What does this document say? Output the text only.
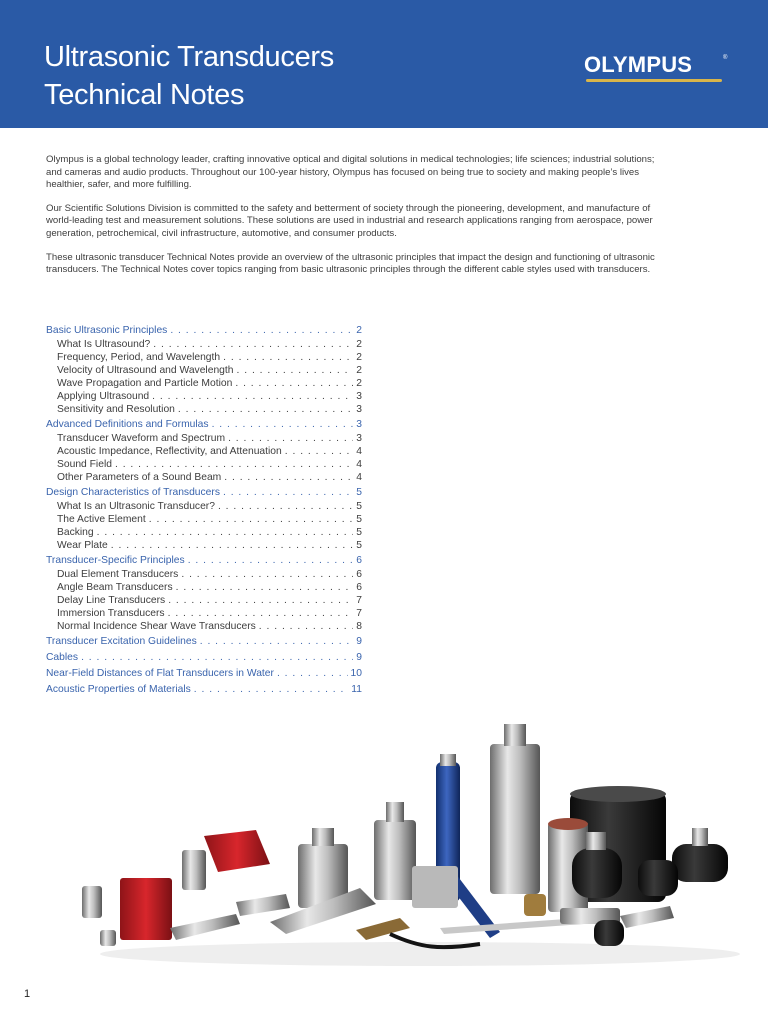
Ultrasonic Transducers
Technical Notes
OLYMPUS	®

Olympus is a global technology leader, crafting innovative optical and digital solutions in medical technologies; life sciences; industrial solutions; and cameras and audio products. Throughout our 100-year history, Olympus has focused on being true to society and making people’s lives healthier, safer, and more fulfilling.

Our Scientific Solutions Division is committed to the safety and betterment of society through the pioneering, development, and manufacture of world-leading test and measurement solutions. These solutions are used in industrial and research applications ranging from aerospace, power generation, petrochemical, civil infrastructure, automotive, and consumer products.

These ultrasonic transducer Technical Notes provide an overview of the ultrasonic principles that impact the design and functioning of ultrasonic transducers. The Technical Notes cover topics ranging from basic ultrasonic principles through the different cable styles used with transducers.

Basic Ultrasonic Principles . . .	2
What Is Ultrasound? . . .	2
Frequency, Period, and Wavelength . . .	2
Velocity of Ultrasound and Wavelength . . .	2
Wave Propagation and Particle Motion . . .	2
Applying Ultrasound . . .	3
Sensitivity and Resolution . . .	3
Advanced Definitions and Formulas . . .	3
Transducer Waveform and Spectrum . . .	3
Acoustic Impedance, Reflectivity, and Attenuation . . .	4
Sound Field . . .	4
Other Parameters of a Sound Beam . . .	4
Design Characteristics of Transducers . . .	5
What Is an Ultrasonic Transducer? . . .	5
The Active Element . . .	5
Backing . . .	5
Wear Plate . . .	5
Transducer-Specific Principles . . .	6
Dual Element Transducers . . .	6
Angle Beam Transducers . . .	6
Delay Line Transducers . . .	7
Immersion Transducers . . .	7
Normal Incidence Shear Wave Transducers . . .	8
Transducer Excitation Guidelines . . .	9
Cables . . .	9
Near-Field Distances of Flat Transducers in Water . . .	10
Acoustic Properties of Materials . . .	11
1
